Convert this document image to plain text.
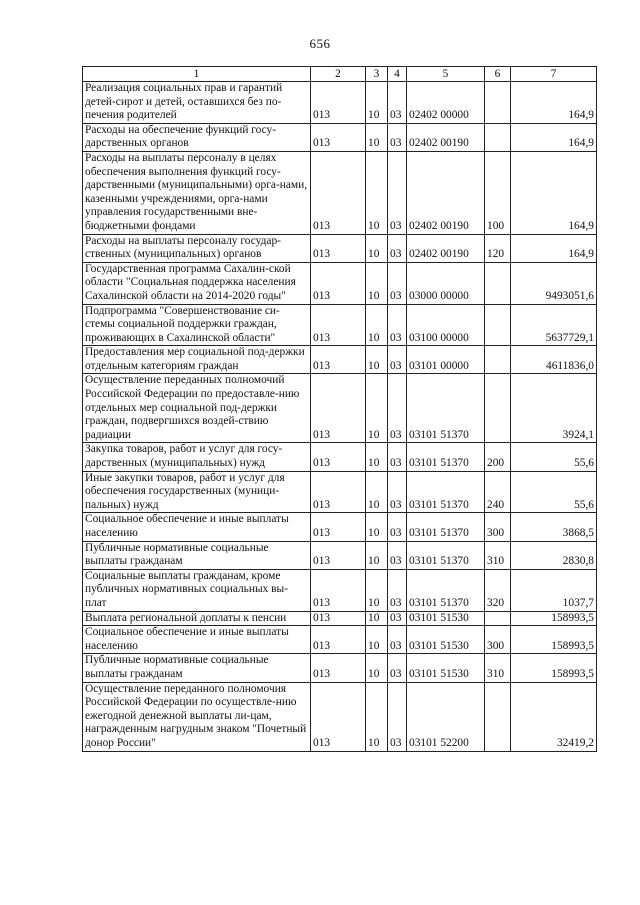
656
1	2	3	4	5	6	7
Реализация социальных прав и гарантий детей-сирот и детей, оставшихся без по-печения родителей	013	10	03	02402 00000		164,9
Расходы на обеспечение функций госу-дарственных органов	013	10	03	02402 00190		164,9
Расходы на выплаты персоналу в целях обеспечения выполнения функций госу-дарственными (муниципальными) орга-нами, казенными учреждениями, орга-нами управления государственными вне-бюджетными фондами	013	10	03	02402 00190	100	164,9
Расходы на выплаты персоналу государ-ственных (муниципальных) органов	013	10	03	02402 00190	120	164,9
Государственная программа Сахалин-ской области "Социальная поддержка населения Сахалинской области на 2014-2020 годы"	013	10	03	03000 00000		9493051,6
Подпрограмма "Совершенствование си-стемы социальной поддержки граждан, проживающих в Сахалинской области"	013	10	03	03100 00000		5637729,1
Предоставления мер социальной под-держки отдельным категориям граждан	013	10	03	03101 00000		4611836,0
Осуществление переданных полномочий Российской Федерации по предоставле-нию отдельных мер социальной под-держки граждан, подвергшихся воздей-ствию радиации	013	10	03	03101 51370		3924,1
Закупка товаров, работ и услуг для госу-дарственных (муниципальных) нужд	013	10	03	03101 51370	200	55,6
Иные закупки товаров, работ и услуг для обеспечения государственных (муници-пальных) нужд	013	10	03	03101 51370	240	55,6
Социальное обеспечение и иные выплаты населению	013	10	03	03101 51370	300	3868,5
Публичные нормативные социальные выплаты гражданам	013	10	03	03101 51370	310	2830,8
Социальные выплаты гражданам, кроме публичных нормативных социальных вы-плат	013	10	03	03101 51370	320	1037,7
Выплата региональной доплаты к пенсии	013	10	03	03101 51530		158993,5
Социальное обеспечение и иные выплаты населению	013	10	03	03101 51530	300	158993,5
Публичные нормативные социальные выплаты гражданам	013	10	03	03101 51530	310	158993,5
Осуществление переданного полномочия Российской Федерации по осуществле-нию ежегодной денежной выплаты ли-цам, награжденным нагрудным знаком "Почетный донор России"	013	10	03	03101 52200		32419,2
